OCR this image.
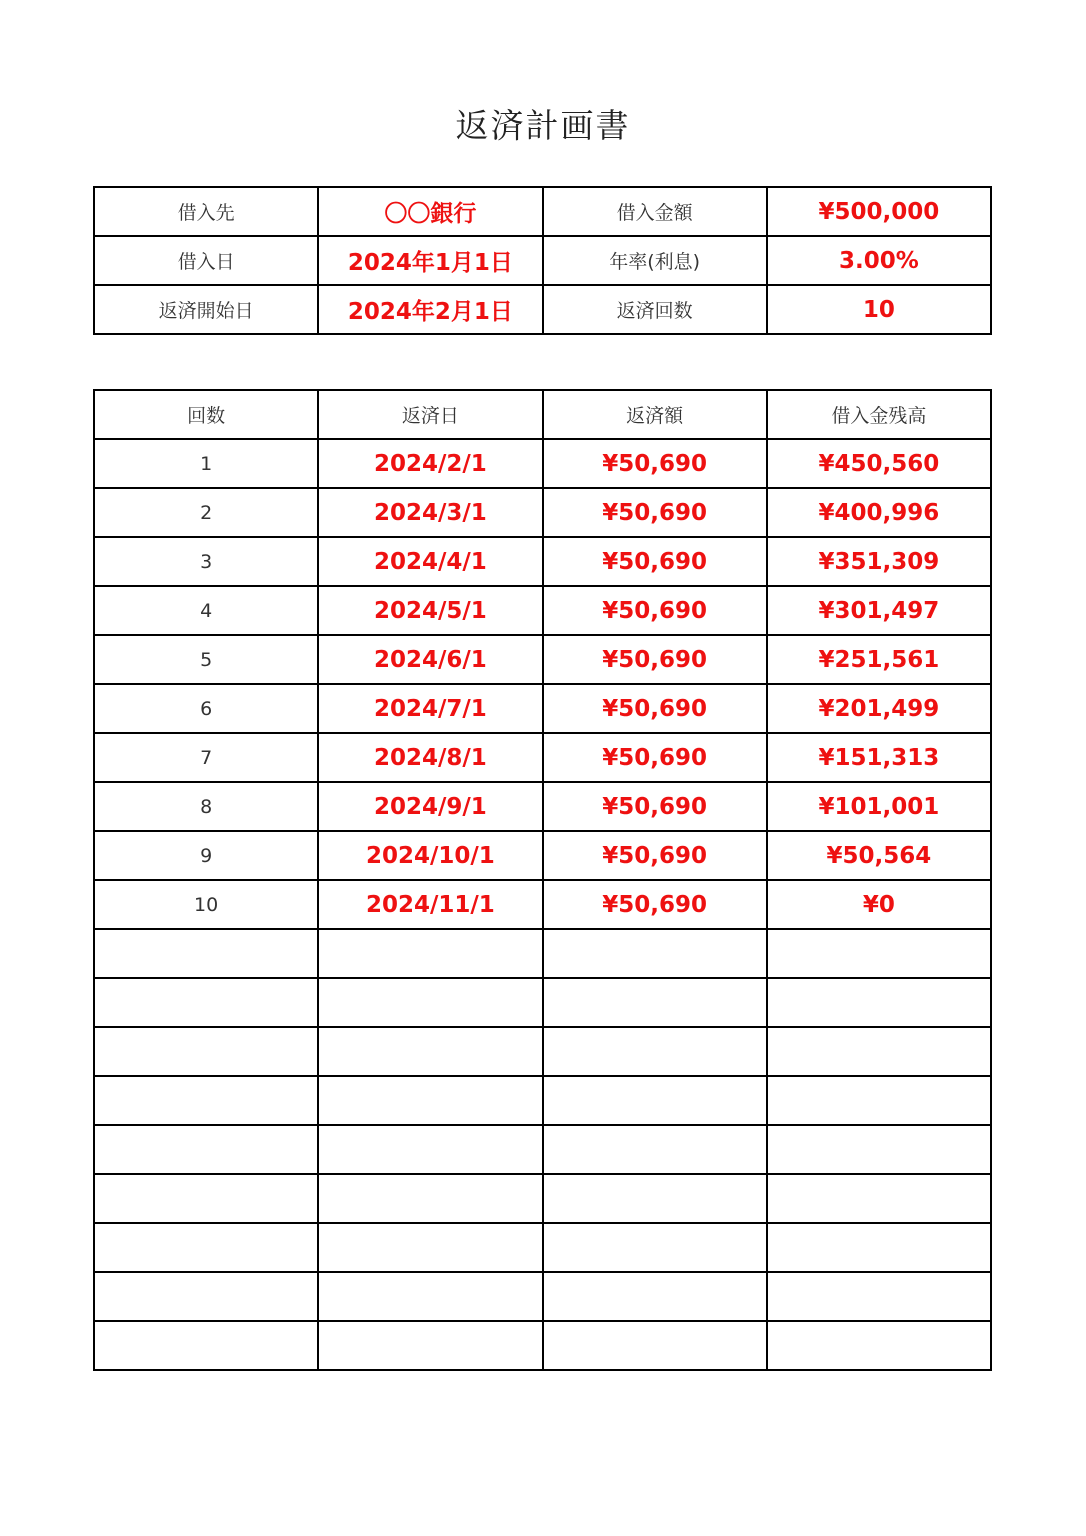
返済計画書
借入先	〇〇銀行	借入金額	¥500,000
借入日	2024年1月1日	年率(利息)	3.00%
返済開始日	2024年2月1日	返済回数	10
回数	返済日	返済額	借入金残高
1	2024/2/1	¥50,690	¥450,560
2	2024/3/1	¥50,690	¥400,996
3	2024/4/1	¥50,690	¥351,309
4	2024/5/1	¥50,690	¥301,497
5	2024/6/1	¥50,690	¥251,561
6	2024/7/1	¥50,690	¥201,499
7	2024/8/1	¥50,690	¥151,313
8	2024/9/1	¥50,690	¥101,001
9	2024/10/1	¥50,690	¥50,564
10	2024/11/1	¥50,690	¥0
